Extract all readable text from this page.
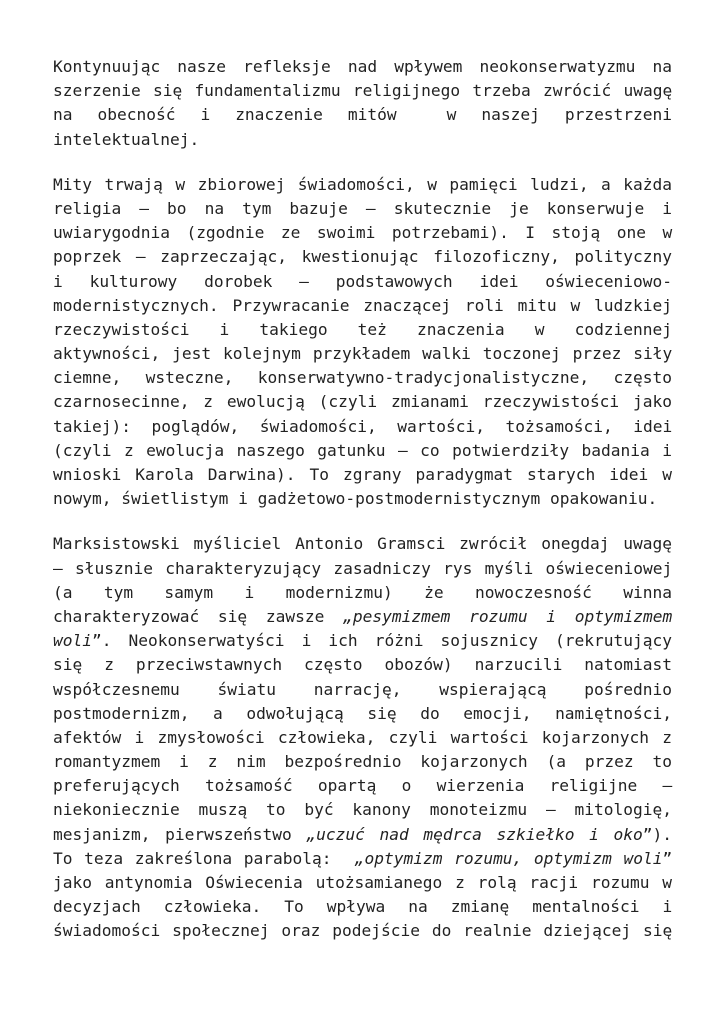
Kontynuując nasze refleksje nad wpływem neokonserwatyzmu na
szerzenie się fundamentalizmu religijnego trzeba zwrócić uwagę
na obecność i znaczenie mitów  w naszej przestrzeni
intelektualnej.
Mity trwają w zbiorowej świadomości, w pamięci ludzi, a każda
religia – bo na tym bazuje – skutecznie je konserwuje i
uwiarygodnia (zgodnie ze swoimi potrzebami). I stoją one w
poprzek – zaprzeczając, kwestionując filozoficzny, polityczny
i kulturowy dorobek – podstawowych idei oświeceniowo-
modernistycznych. Przywracanie znaczącej roli mitu w ludzkiej
rzeczywistości i takiego też znaczenia w codziennej
aktywności, jest kolejnym przykładem walki toczonej przez siły
ciemne, wsteczne, konserwatywno-tradycjonalistyczne, często
czarnosecinne, z ewolucją (czyli zmianami rzeczywistości jako
takiej): poglądów, świadomości, wartości, tożsamości, idei
(czyli z ewolucja naszego gatunku – co potwierdziły badania i
wnioski Karola Darwina). To zgrany paradygmat starych idei w
nowym, świetlistym i gadżetowo-postmodernistycznym opakowaniu.
Marksistowski myśliciel Antonio Gramsci zwrócił onegdaj uwagę
– słusznie charakteryzujący zasadniczy rys myśli oświeceniowej
(a tym samym i modernizmu) że nowoczesność winna
charakteryzować się zawsze „pesymizmem rozumu i optymizmem
woli”. Neokonserwatyści i ich różni sojusznicy (rekrutujący
się z przeciwstawnych często obozów) narzucili natomiast
współczesnemu światu narrację, wspierającą pośrednio
postmodernizm, a odwołującą się do emocji, namiętności,
afektów i zmysłowości człowieka, czyli wartości kojarzonych z
romantyzmem i z nim bezpośrednio kojarzonych (a przez to
preferujących tożsamość opartą o wierzenia religijne –
niekoniecznie muszą to być kanony monoteizmu – mitologię,
mesjanizm, pierwszeństwo „uczuć nad mędrca szkiełko i oko”).
To teza zakreślona parabolą:  „optymizm rozumu, optymizm woli”
jako antynomia Oświecenia utożsamianego z rolą racji rozumu w
decyzjach człowieka. To wpływa na zmianę mentalności i
świadomości społecznej oraz podejście do realnie dziejącej się
